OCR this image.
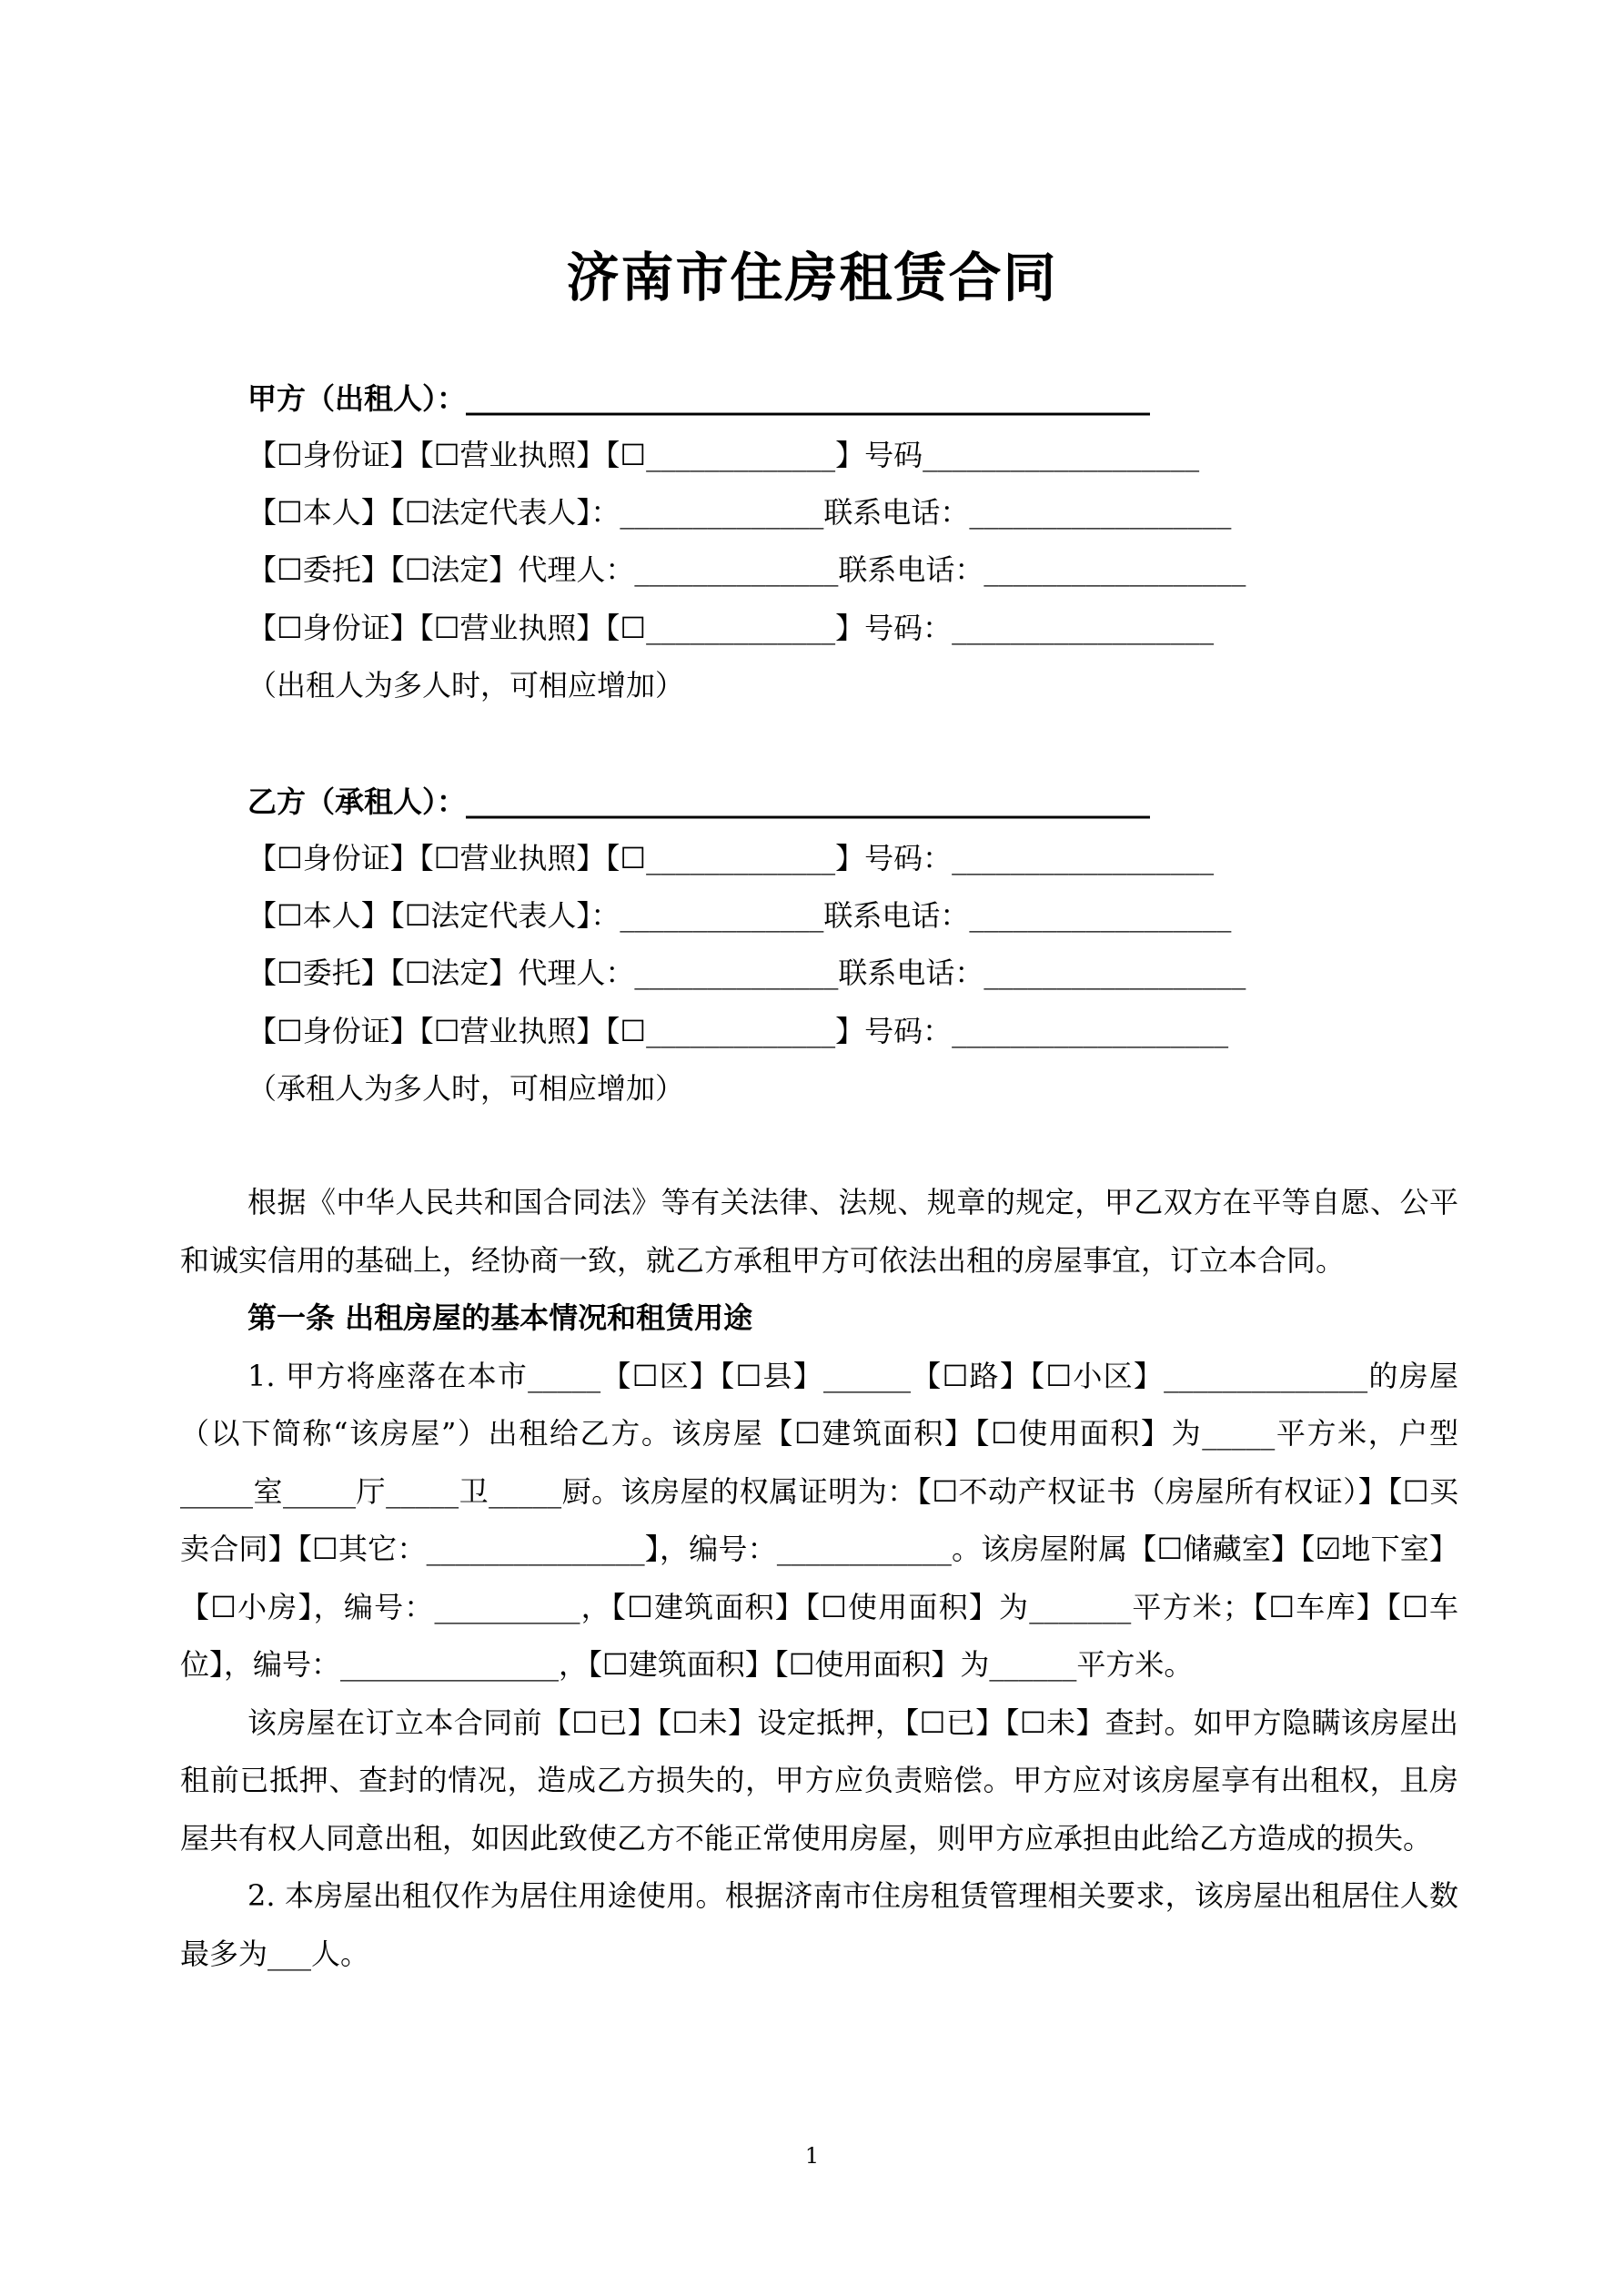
济南市住房租赁合同
甲方（出租人）：_______________________________________________
【☐身份证】【☐营业执照】【☐_____________】号码___________________
【☐本人】【☐法定代表人】：______________联系电话：__________________
【☐委托】【☐法定】代理人：______________联系电话：__________________
【☐身份证】【☐营业执照】【☐_____________】号码：__________________
（出租人为多人时，可相应增加）
乙方（承租人）：_______________________________________________
【☐身份证】【☐营业执照】【☐_____________】号码：__________________
【☐本人】【☐法定代表人】：______________联系电话：__________________
【☐委托】【☐法定】代理人：______________联系电话：__________________
【☐身份证】【☐营业执照】【☐_____________】号码：___________________
（承租人为多人时，可相应增加）

根据《中华人民共和国合同法》等有关法律、法规、规章的规定，甲乙双方在平等自愿、公平和诚实信用的基础上，经协商一致，就乙方承租甲方可依法出租的房屋事宜，订立本合同。

第一条 出租房屋的基本情况和租赁用途

1. 甲方将座落在本市_____【☐区】【☐县】______【☐路】【☐小区】______________的房屋（以下简称“该房屋”）出租给乙方。该房屋【☐建筑面积】【☐使用面积】为_____平方米，户型_____室_____厅_____卫_____厨。该房屋的权属证明为：【☐不动产权证书（房屋所有权证）】【☐买卖合同】【☐其它：_______________】，编号：____________。该房屋附属【☐储藏室】【☑地下室】【☐小房】，编号：__________，【☐建筑面积】【☐使用面积】为_______平方米；【☐车库】【☐车位】，编号：_______________，【☐建筑面积】【☐使用面积】为______平方米。

该房屋在订立本合同前【☐已】【☐未】设定抵押，【☐已】【☐未】查封。如甲方隐瞒该房屋出租前已抵押、查封的情况，造成乙方损失的，甲方应负责赔偿。甲方应对该房屋享有出租权，且房屋共有权人同意出租，如因此致使乙方不能正常使用房屋，则甲方应承担由此给乙方造成的损失。

2. 本房屋出租仅作为居住用途使用。根据济南市住房租赁管理相关要求，该房屋出租居住人数最多为___人。

1
